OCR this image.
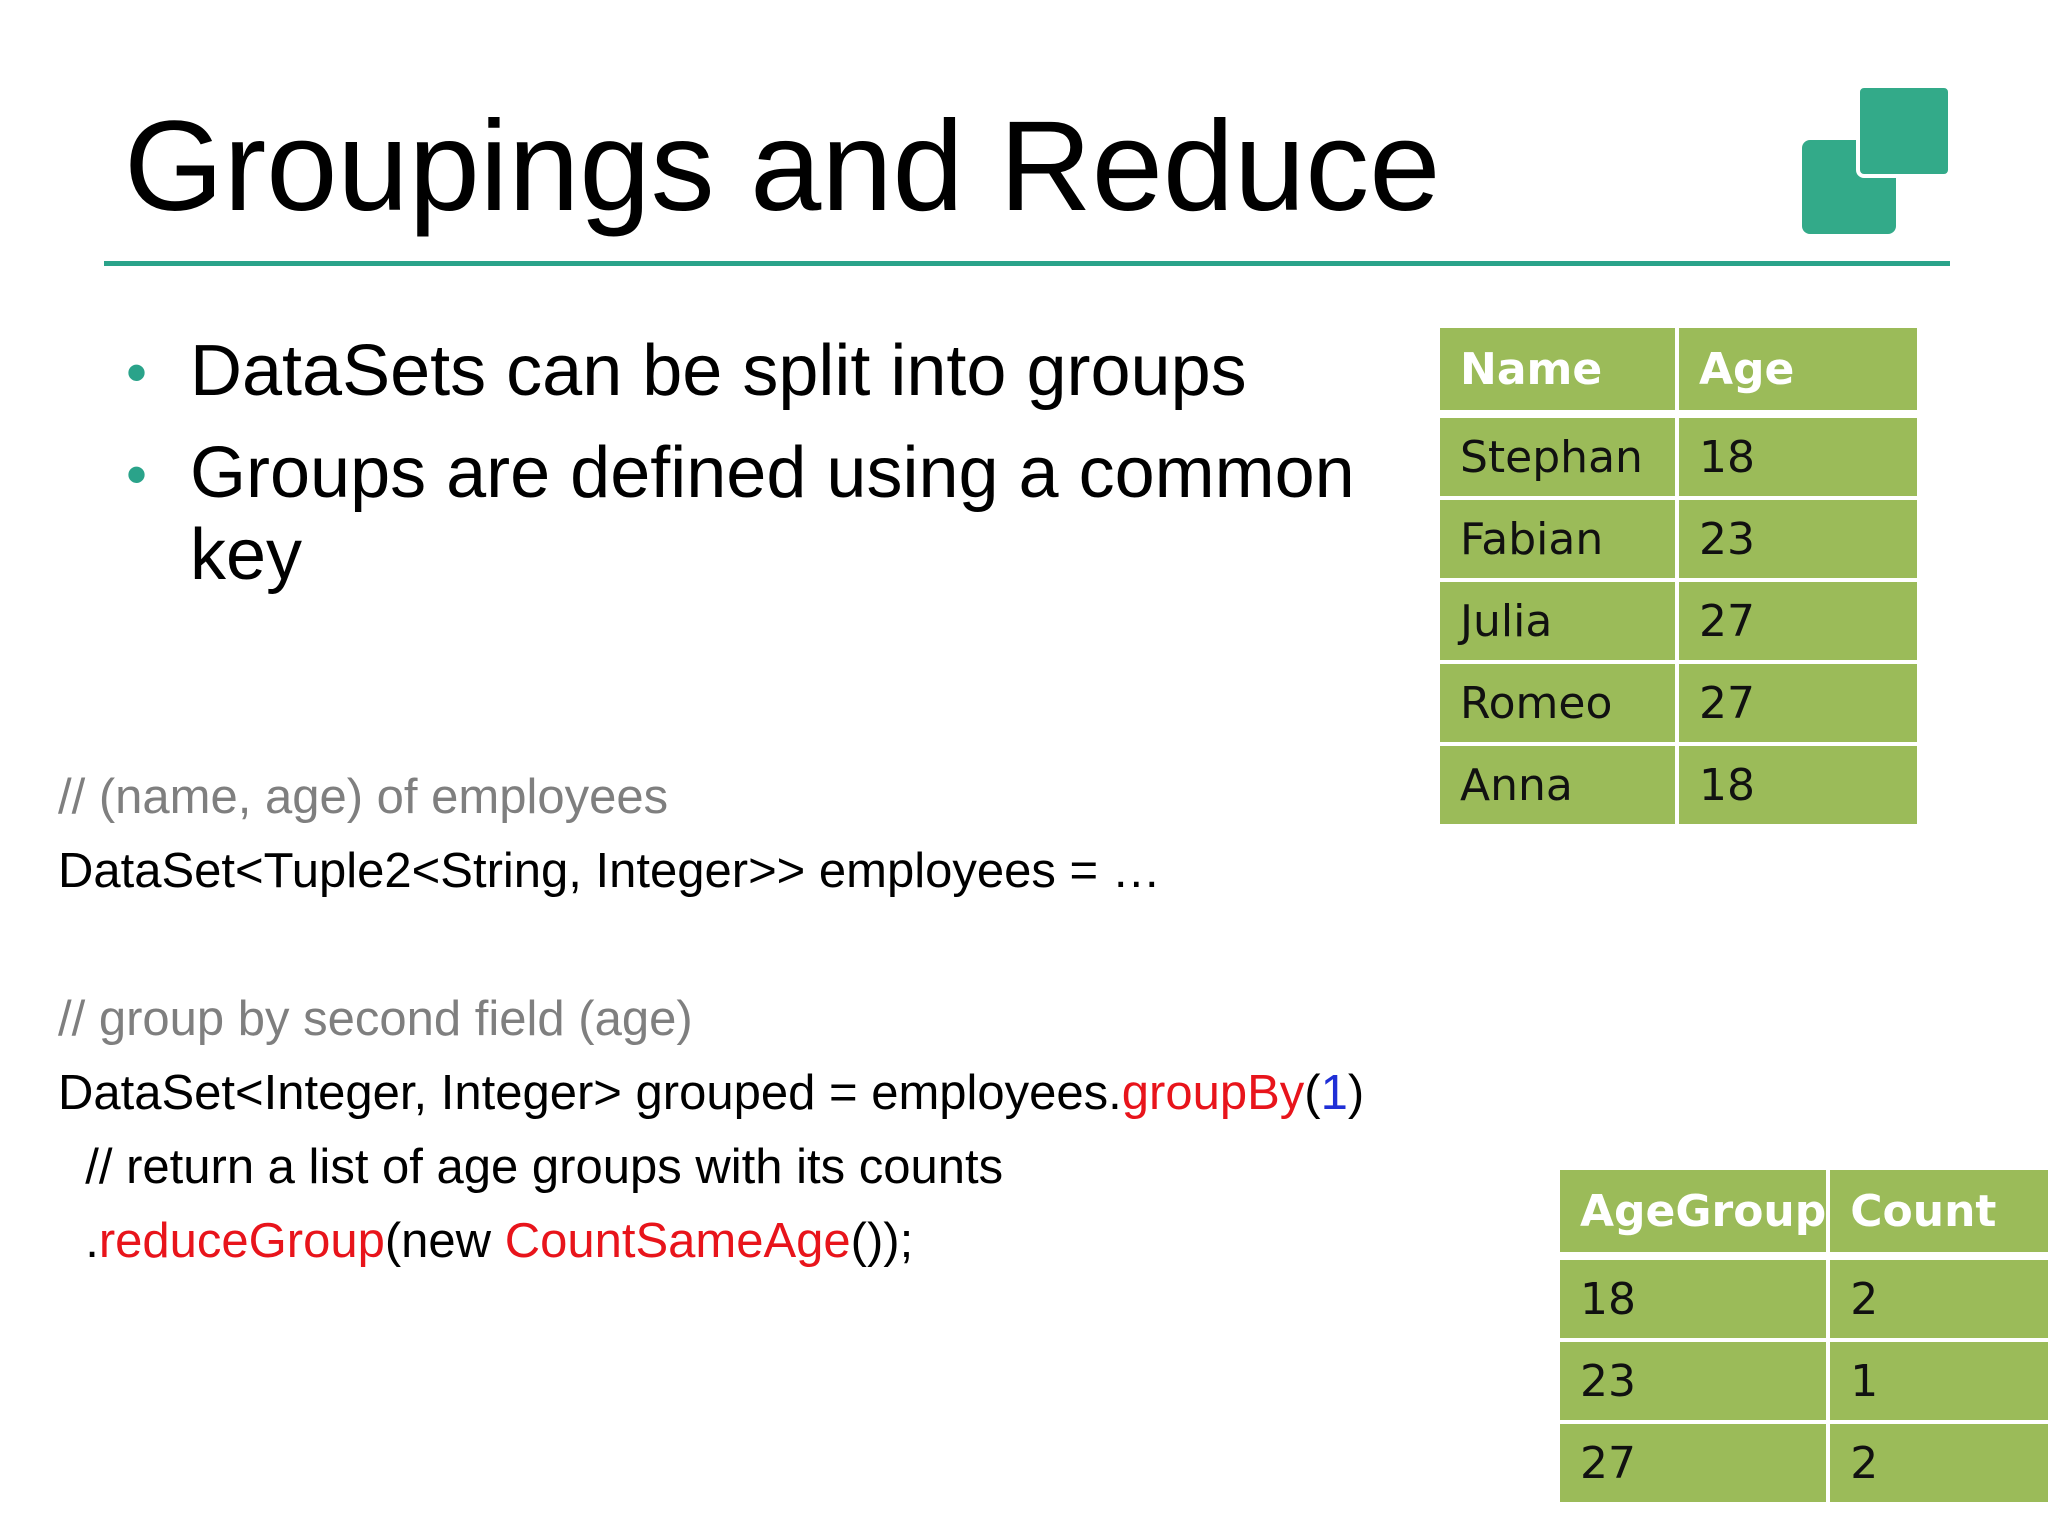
Groupings and Reduce
• DataSets can be split into groups
• Groups are defined using a common key
// (name, age) of employees
DataSet<Tuple2<String, Integer>> employees = …
// group by second field (age)
DataSet<Integer, Integer> grouped = employees.groupBy(1)
// return a list of age groups with its counts
.reduceGroup(new CountSameAge());
Name	Age
Stephan	18
Fabian	23
Julia	27
Romeo	27
Anna	18
AgeGroup	Count
18	2
23	1
27	2
